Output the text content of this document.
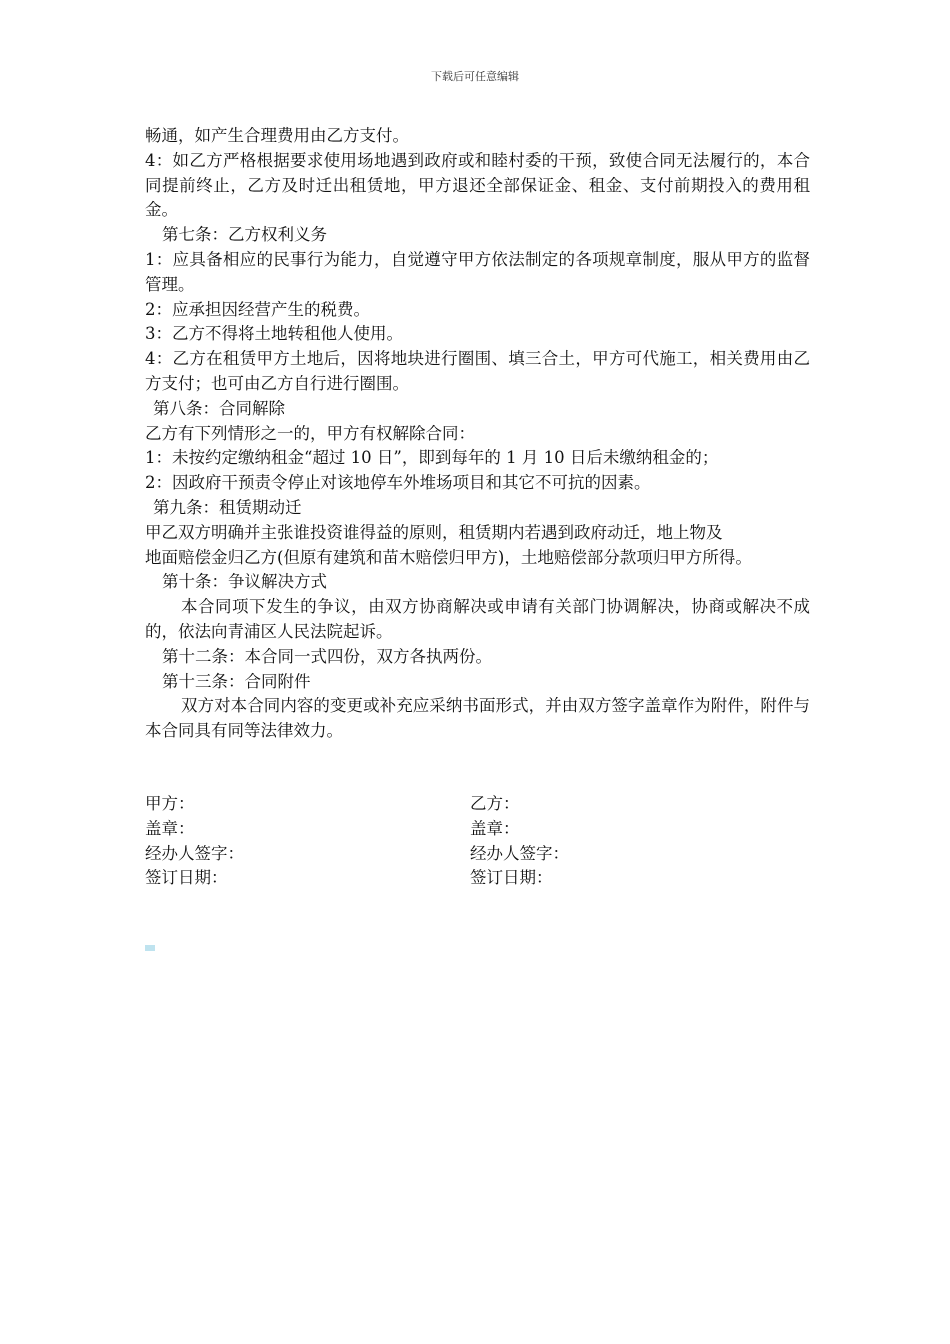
下载后可任意编辑

畅通，如产生合理费用由乙方支付。

4：如乙方严格根据要求使用场地遇到政府或和睦村委的干预，致使合同无法履行的，本合同提前终止，乙方及时迁出租赁地，甲方退还全部保证金、租金、支付前期投入的费用租金。

第七条：乙方权利义务

1：应具备相应的民事行为能力，自觉遵守甲方依法制定的各项规章制度，服从甲方的监督管理。

2：应承担因经营产生的税费。

3：乙方不得将土地转租他人使用。

4：乙方在租赁甲方土地后，因将地块进行圈围、填三合土，甲方可代施工，相关费用由乙方支付；也可由乙方自行进行圈围。

第八条：合同解除

乙方有下列情形之一的，甲方有权解除合同：

1：未按约定缴纳租金“超过 10 日”，即到每年的 1 月 10 日后未缴纳租金的；

2：因政府干预责令停止对该地停车外堆场项目和其它不可抗的因素。

第九条：租赁期动迁

甲乙双方明确并主张谁投资谁得益的原则，租赁期内若遇到政府动迁，地上物及

地面赔偿金归乙方(但原有建筑和苗木赔偿归甲方)，土地赔偿部分款项归甲方所得。

第十条：争议解决方式

本合同项下发生的争议，由双方协商解决或申请有关部门协调解决，协商或解决不成的，依法向青浦区人民法院起诉。

第十二条：本合同一式四份，双方各执两份。

第十三条：合同附件

双方对本合同内容的变更或补充应采纳书面形式，并由双方签字盖章作为附件，附件与本合同具有同等法律效力。

甲方：	乙方：
盖章：	盖章：
经办人签字：	经办人签字：
签订日期：	签订日期：
